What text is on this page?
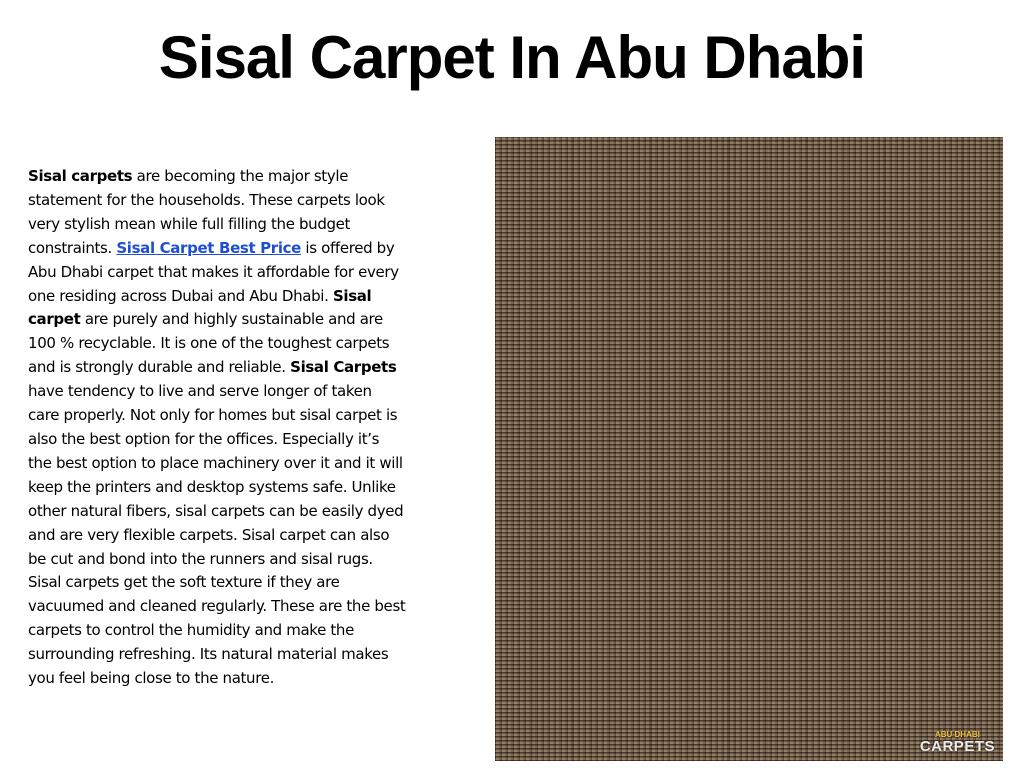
Sisal Carpet In Abu Dhabi

Sisal carpets are becoming the major style statement for the households. These carpets look very stylish mean while full filling the budget constraints. Sisal Carpet Best Price is offered by Abu Dhabi carpet that makes it affordable for every one residing across Dubai and Abu Dhabi. Sisal carpet are purely and highly sustainable and are 100 % recyclable. It is one of the toughest carpets and is strongly durable and reliable. Sisal Carpets have tendency to live and serve longer of taken care properly. Not only for homes but sisal carpet is also the best option for the offices. Especially it’s the best option to place machinery over it and it will keep the printers and desktop systems safe. Unlike other natural fibers, sisal carpets can be easily dyed and are very flexible carpets. Sisal carpet can also be cut and bond into the runners and sisal rugs. Sisal carpets get the soft texture if they are vacuumed and cleaned regularly. These are the best carpets to control the humidity and make the surrounding refreshing. Its natural material makes you feel being close to the nature.

ABU DHABI
CARPETS
